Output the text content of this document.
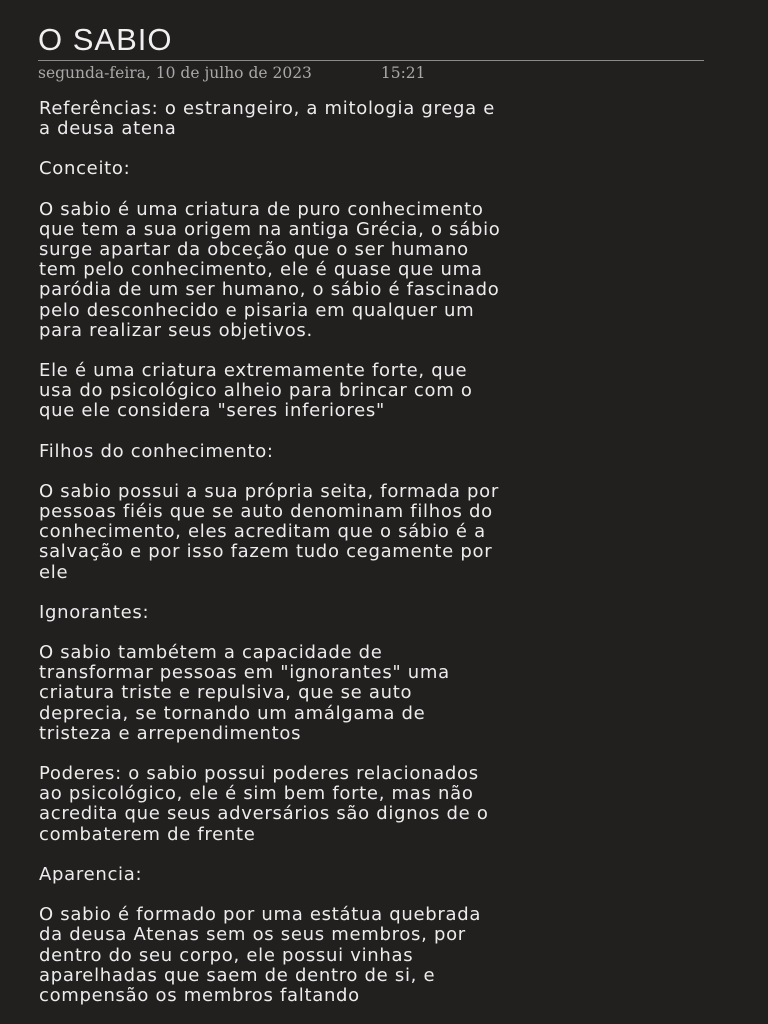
O SABIO
segunda-feira, 10 de julho de 2023	15:21

Referências: o estrangeiro, a mitologia grega e
a deusa atena

Conceito:

O sabio é uma criatura de puro conhecimento
que tem a sua origem na antiga Grécia, o sábio
surge apartar da obceção que o ser humano
tem pelo conhecimento, ele é quase que uma
paródia de um ser humano, o sábio é fascinado
pelo desconhecido e pisaria em qualquer um
para realizar seus objetivos.

Ele é uma criatura extremamente forte, que
usa do psicológico alheio para brincar com o
que ele considera "seres inferiores"

Filhos do conhecimento:

O sabio possui a sua própria seita, formada por
pessoas fiéis que se auto denominam filhos do
conhecimento, eles acreditam que o sábio é a
salvação e por isso fazem tudo cegamente por
ele

Ignorantes:

O sabio tambétem a capacidade de
transformar pessoas em "ignorantes" uma
criatura triste e repulsiva, que se auto
deprecia, se tornando um amálgama de
tristeza e arrependimentos

Poderes: o sabio possui poderes relacionados
ao psicológico, ele é sim bem forte, mas não
acredita que seus adversários são dignos de o
combaterem de frente

Aparencia:

O sabio é formado por uma estátua quebrada
da deusa Atenas sem os seus membros, por
dentro do seu corpo, ele possui vinhas
aparelhadas que saem de dentro de si, e
compensão os membros faltando
